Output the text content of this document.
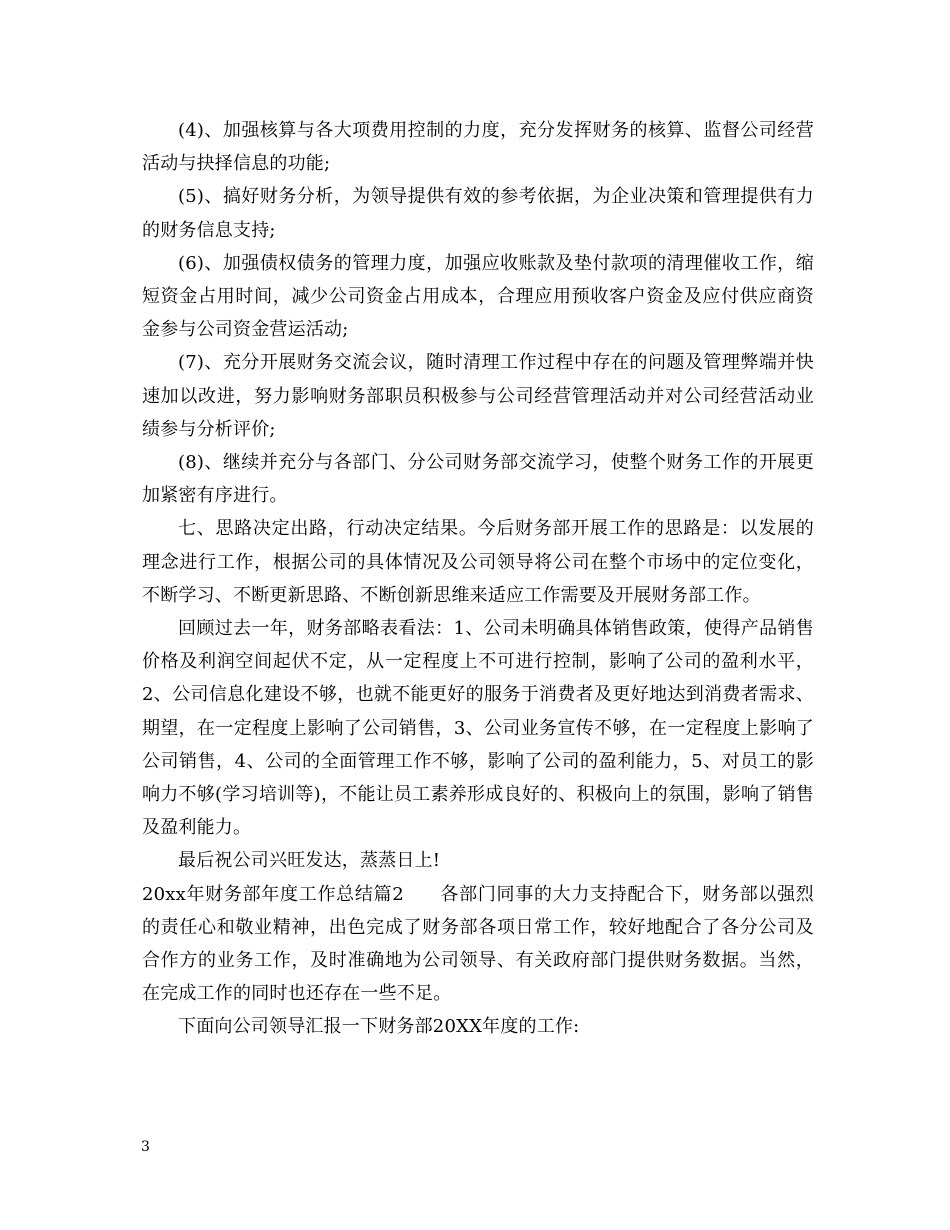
(4)、加强核算与各大项费用控制的力度，充分发挥财务的核算、监督公司经营活动与抉择信息的功能;

(5)、搞好财务分析，为领导提供有效的参考依据，为企业决策和管理提供有力的财务信息支持;

(6)、加强债权债务的管理力度，加强应收账款及垫付款项的清理催收工作，缩短资金占用时间，减少公司资金占用成本，合理应用预收客户资金及应付供应商资金参与公司资金营运活动;

(7)、充分开展财务交流会议，随时清理工作过程中存在的问题及管理弊端并快速加以改进，努力影响财务部职员积极参与公司经营管理活动并对公司经营活动业绩参与分析评价;

(8)、继续并充分与各部门、分公司财务部交流学习，使整个财务工作的开展更加紧密有序进行。

七、思路决定出路，行动决定结果。今后财务部开展工作的思路是：以发展的理念进行工作，根据公司的具体情况及公司领导将公司在整个市场中的定位变化，不断学习、不断更新思路、不断创新思维来适应工作需要及开展财务部工作。

回顾过去一年，财务部略表看法：1、公司未明确具体销售政策，使得产品销售价格及利润空间起伏不定，从一定程度上不可进行控制，影响了公司的盈利水平，2、公司信息化建设不够，也就不能更好的服务于消费者及更好地达到消费者需求、期望，在一定程度上影响了公司销售，3、公司业务宣传不够，在一定程度上影响了公司销售，4、公司的全面管理工作不够，影响了公司的盈利能力，5、对员工的影响力不够(学习培训等)，不能让员工素养形成良好的、积极向上的氛围，影响了销售及盈利能力。

最后祝公司兴旺发达，蒸蒸日上!

20xx年财务部年度工作总结篇2 各部门同事的大力支持配合下，财务部以强烈的责任心和敬业精神，出色完成了财务部各项日常工作，较好地配合了各分公司及合作方的业务工作，及时准确地为公司领导、有关政府部门提供财务数据。当然，在完成工作的同时也还存在一些不足。

下面向公司领导汇报一下财务部20XX年度的工作:

3
